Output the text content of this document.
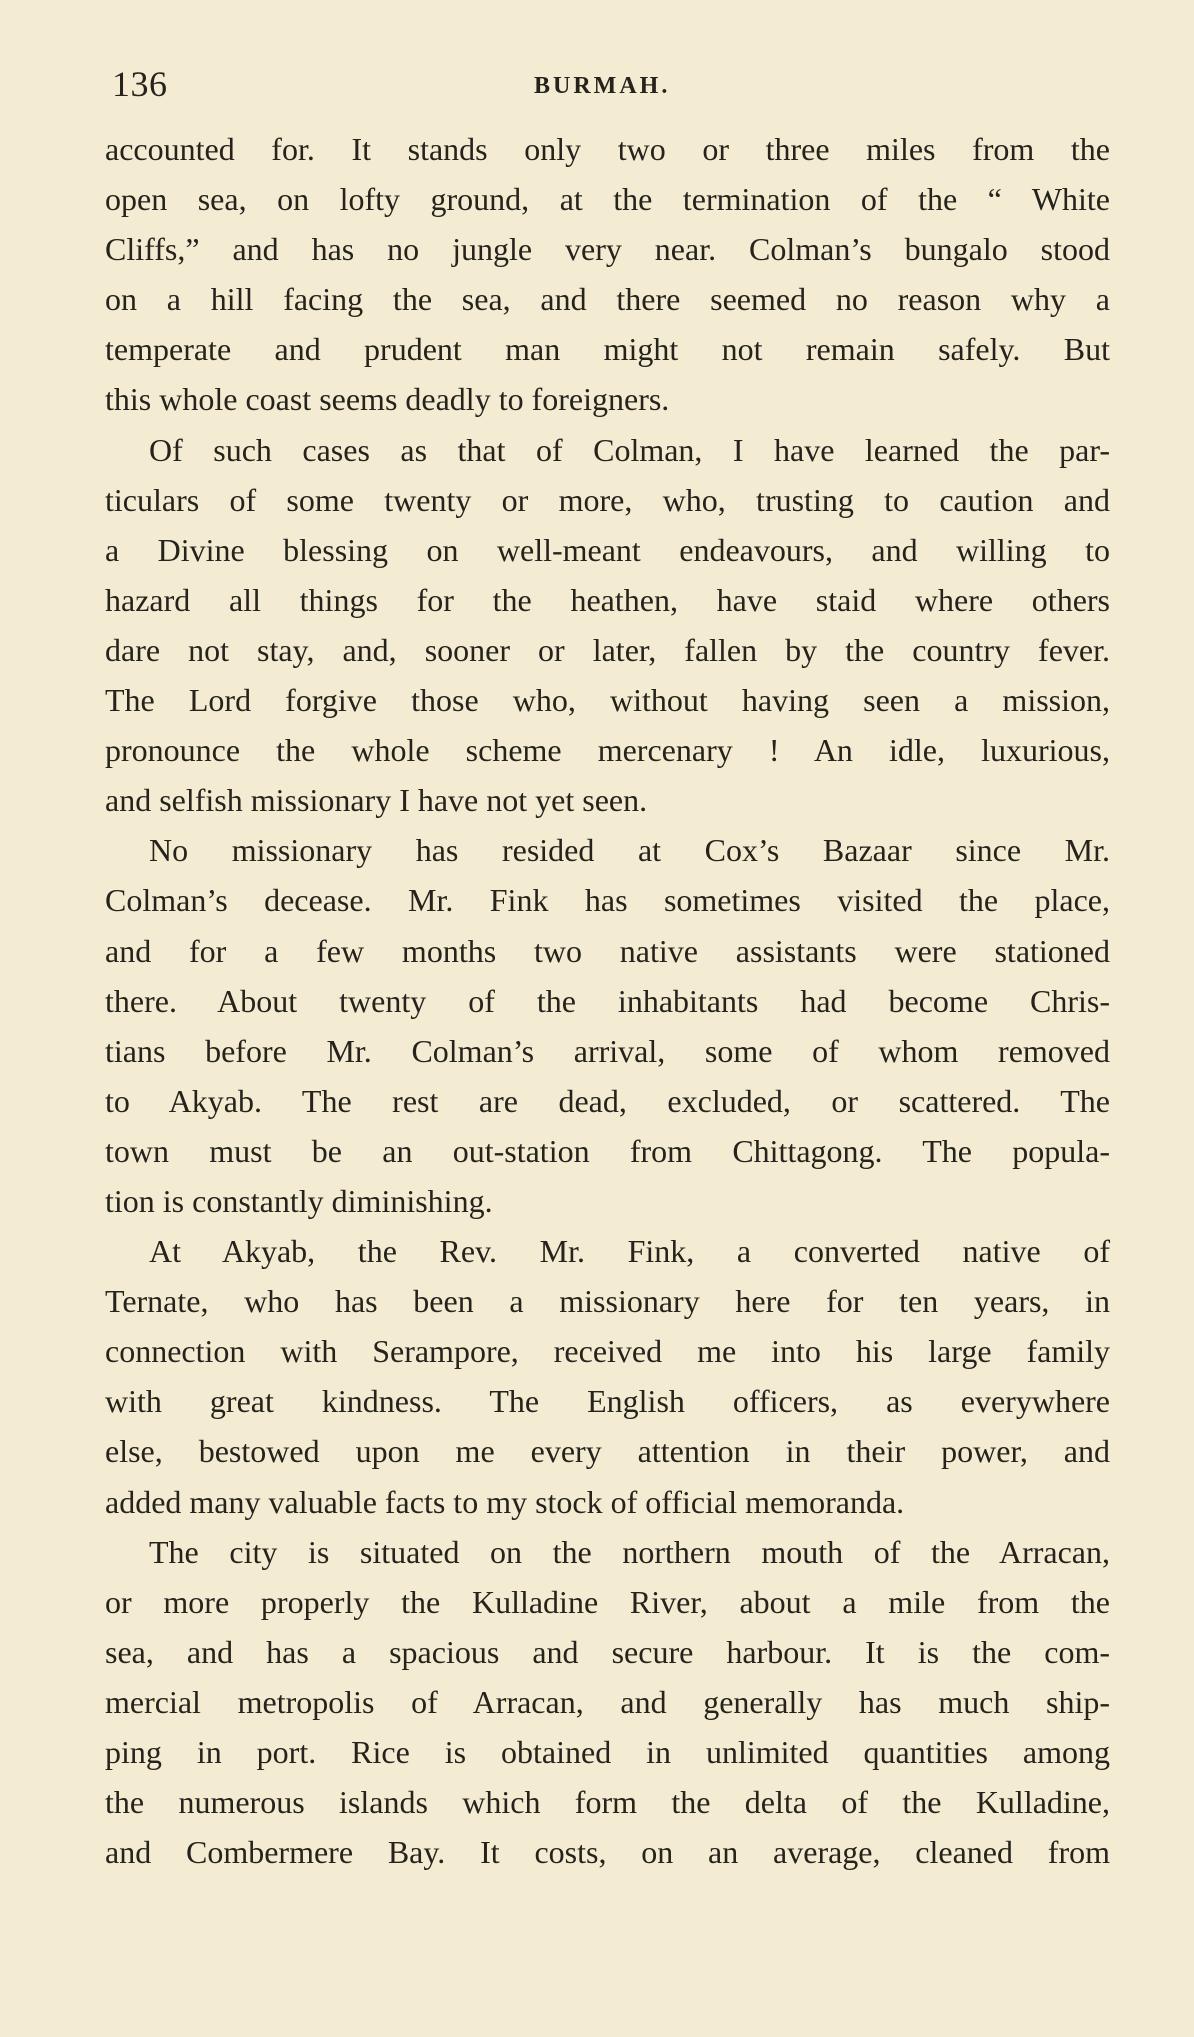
136	BURMAH.
accounted for. It stands only two or three miles from the
open sea, on lofty ground, at the termination of the “ White
Cliffs,” and has no jungle very near. Colman’s bungalo stood
on a hill facing the sea, and there seemed no reason why a
temperate and prudent man might not remain safely. But
this whole coast seems deadly to foreigners.
Of such cases as that of Colman, I have learned the par-
ticulars of some twenty or more, who, trusting to caution and
a Divine blessing on well-meant endeavours, and willing to
hazard all things for the heathen, have staid where others
dare not stay, and, sooner or later, fallen by the country fever.
The Lord forgive those who, without having seen a mission,
pronounce the whole scheme mercenary ! An idle, luxurious,
and selfish missionary I have not yet seen.
No missionary has resided at Cox’s Bazaar since Mr.
Colman’s decease. Mr. Fink has sometimes visited the place,
and for a few months two native assistants were stationed
there. About twenty of the inhabitants had become Chris-
tians before Mr. Colman’s arrival, some of whom removed
to Akyab. The rest are dead, excluded, or scattered. The
town must be an out-station from Chittagong. The popula-
tion is constantly diminishing.
At Akyab, the Rev. Mr. Fink, a converted native of
Ternate, who has been a missionary here for ten years, in
connection with Serampore, received me into his large family
with great kindness. The English officers, as everywhere
else, bestowed upon me every attention in their power, and
added many valuable facts to my stock of official memoranda.
The city is situated on the northern mouth of the Arracan,
or more properly the Kulladine River, about a mile from the
sea, and has a spacious and secure harbour. It is the com-
mercial metropolis of Arracan, and generally has much ship-
ping in port. Rice is obtained in unlimited quantities among
the numerous islands which form the delta of the Kulladine,
and Combermere Bay. It costs, on an average, cleaned from
